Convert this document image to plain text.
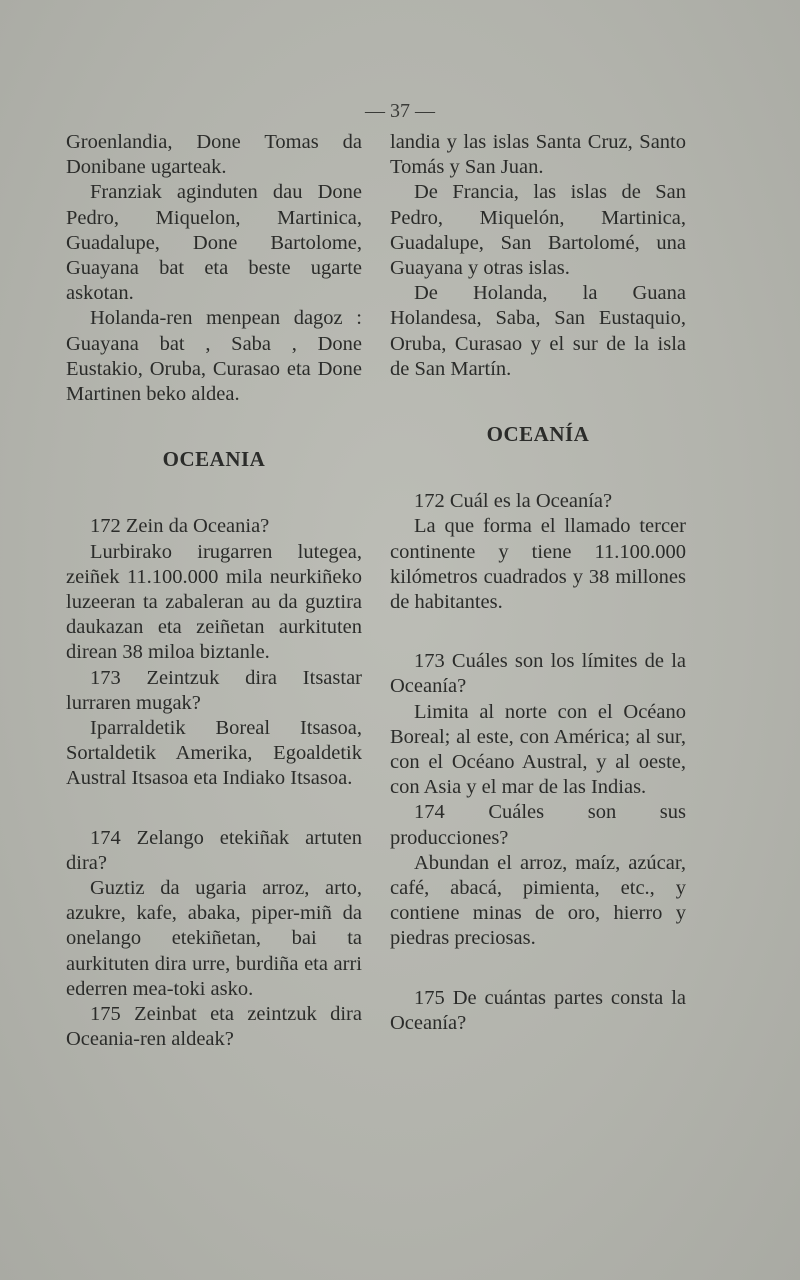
— 37 —

Groenlandia, Done Tomas da Donibane ugarteak.

Franziak aginduten dau Done Pedro, Miquelon, Martinica, Guadalupe, Done Bartolome, Guayana bat eta beste ugarte askotan.

Holanda-ren menpean dagoz : Guayana bat , Saba , Done Eustakio, Oruba, Curasao eta Done Martinen beko aldea.

OCEANIA

172 Zein da Oceania?

Lurbirako irugarren lutegea, zeiñek 11.100.000 mila neurkiñeko luzeeran ta zabaleran au da guztira daukazan eta zeiñetan aurkituten direan 38 miloa biztanle.

173 Zeintzuk dira Itsastar lurraren mugak?

Iparraldetik Boreal Itsasoa, Sortaldetik Amerika, Egoaldetik Austral Itsasoa eta Indiako Itsasoa.

174 Zelango etekiñak artuten dira?

Guztiz da ugaria arroz, arto, azukre, kafe, abaka, piper-miñ da onelango etekiñetan, bai ta aurkituten dira urre, burdiña eta arri ederren mea-toki asko.

175 Zeinbat eta zeintzuk dira Oceania-ren aldeak?

landia y las islas Santa Cruz, Santo Tomás y San Juan.

De Francia, las islas de San Pedro, Miquelón, Martinica, Guadalupe, San Bartolomé, una Guayana y otras islas.

De Holanda, la Guana Holandesa, Saba, San Eustaquio, Oruba, Curasao y el sur de la isla de San Martín.

OCEANÍA

172 Cuál es la Oceanía?

La que forma el llamado tercer continente y tiene 11.100.000 kilómetros cuadrados y 38 millones de habitantes.

173 Cuáles son los límites de la Oceanía?

Limita al norte con el Océano Boreal; al este, con América; al sur, con el Océano Austral, y al oeste, con Asia y el mar de las Indias.

174 Cuáles son sus producciones?

Abundan el arroz, maíz, azúcar, café, abacá, pimienta, etc., y contiene minas de oro, hierro y piedras preciosas.

175 De cuántas partes consta la Oceanía?
